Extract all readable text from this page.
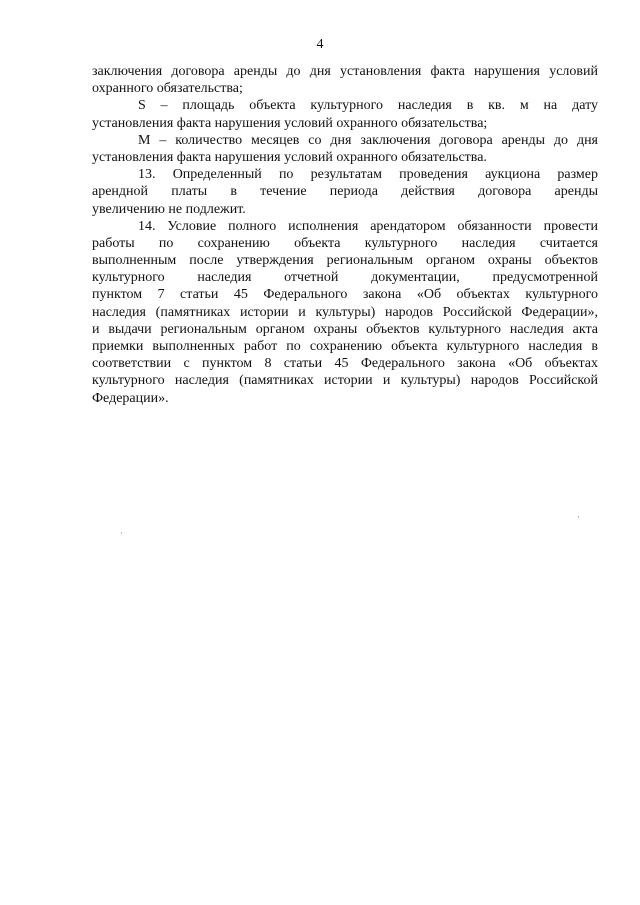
4
заключения договора аренды до дня установления факта нарушения условий
охранного обязательства;
S – площадь объекта культурного наследия в кв. м на дату
установления факта нарушения условий охранного обязательства;
М – количество месяцев со дня заключения договора аренды до дня
установления факта нарушения условий охранного обязательства.
13. Определенный по результатам проведения аукциона размер
арендной платы в течение периода действия договора аренды
увеличению не подлежит.
14. Условие полного исполнения арендатором обязанности провести
работы по сохранению объекта культурного наследия считается
выполненным после утверждения региональным органом охраны объектов
культурного наследия отчетной документации, предусмотренной
пунктом 7 статьи 45 Федерального закона «Об объектах культурного
наследия (памятниках истории и культуры) народов Российской Федерации»,
и выдачи региональным органом охраны объектов культурного наследия акта
приемки выполненных работ по сохранению объекта культурного наследия в
соответствии с пунктом 8 статьи 45 Федерального закона «Об объектах
культурного наследия (памятниках истории и культуры) народов Российской
Федерации».
